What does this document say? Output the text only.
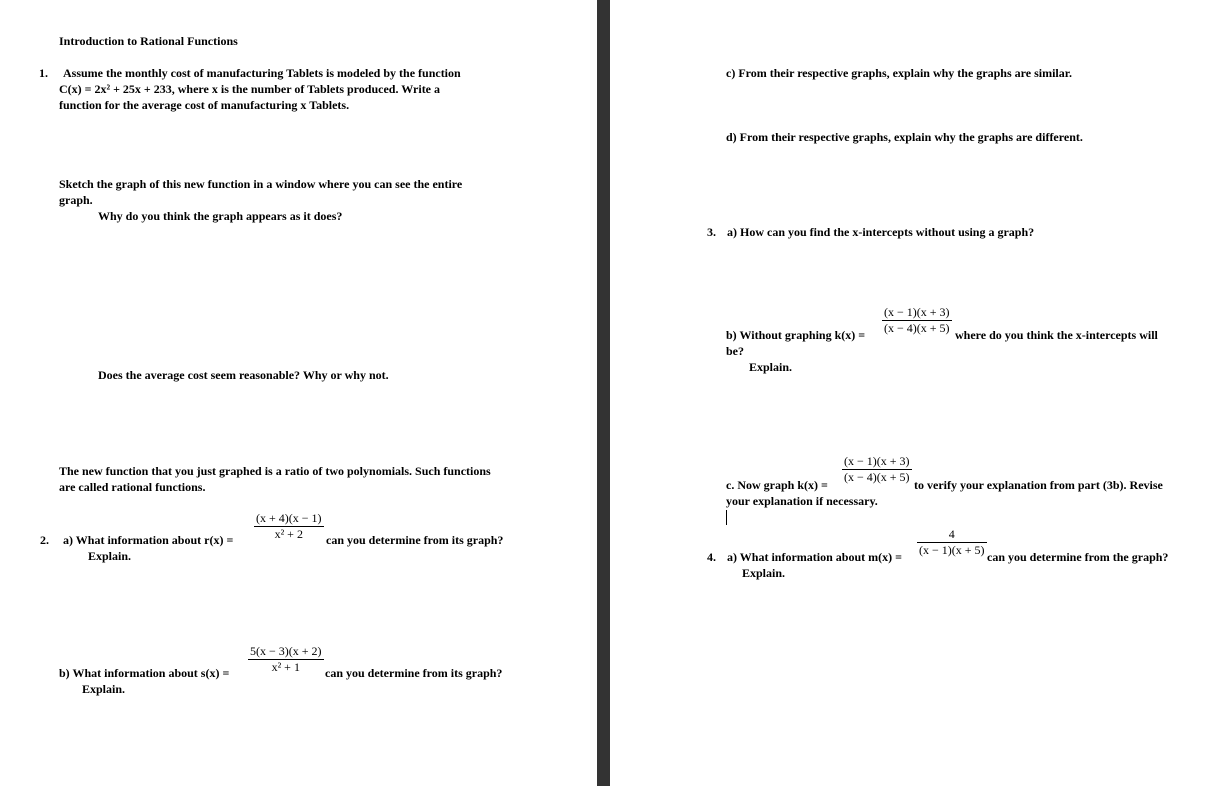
Introduction to Rational Functions
1. Assume the monthly cost of manufacturing Tablets is modeled by the function
C(x) = 2x² + 25x + 233, where x is the number of Tablets produced. Write a
function for the average cost of manufacturing x Tablets.
Sketch the graph of this new function in a window where you can see the entire
graph.
Why do you think the graph appears as it does?
Does the average cost seem reasonable? Why or why not.
The new function that you just graphed is a ratio of two polynomials. Such functions
are called rational functions.
2. a) What information about $r(x) = \frac{(x + 4)(x - 1)}{\text{x² + 2}}$ can you determine from its graph?
Explain.
b) What information about $s(x) = \frac{5(x - 3)(x + 2)}{\text{x² + 1}}$ can you determine from its graph?
Explain.
c) From their respective graphs, explain why the graphs are similar.
d) From their respective graphs, explain why the graphs are different.
3. a) How can you find the x-intercepts without using a graph?
b) Without graphing $k(x) = \frac{(x - 1)(x + 3)}{(x - 4)(x + 5)}$ where do you think the x-intercepts will
be?
Explain.
c. Now graph $k(x) = \frac{(x - 1)(x + 3)}{(x - 4)(x + 5)}$ to verify your explanation from part (3b). Revise
your explanation if necessary.
4. a) What information about $m(x) = \frac{4}{(x - 1)(x + 5)}$ can you determine from the graph?
Explain.
